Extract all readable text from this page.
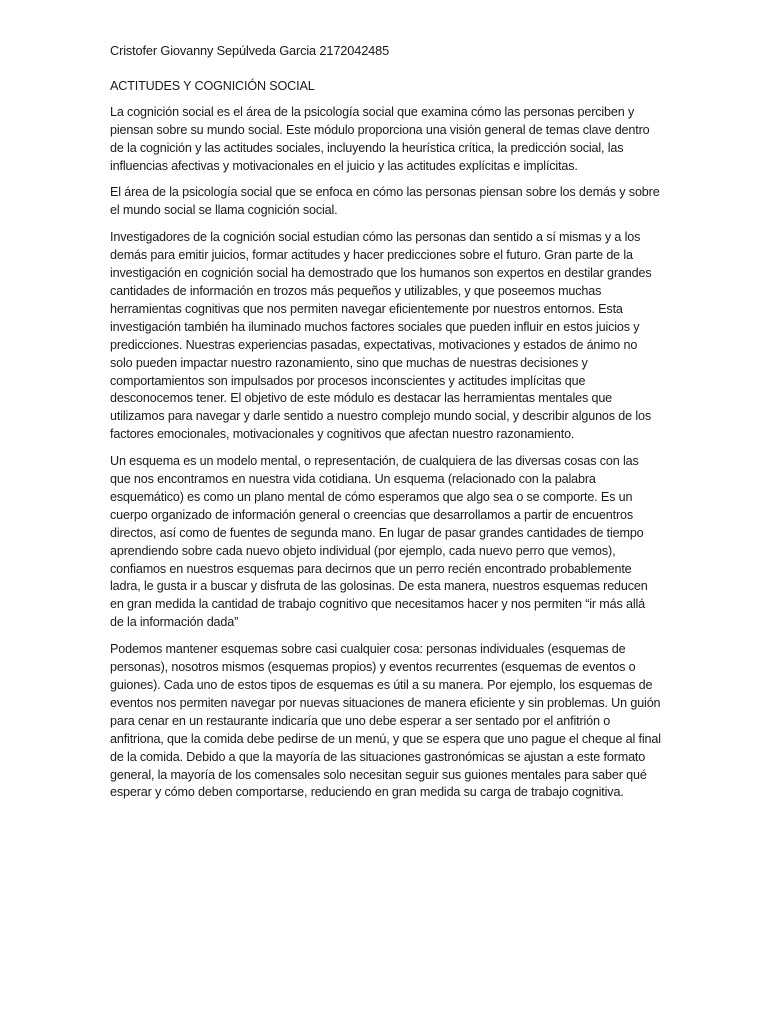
Cristofer Giovanny Sepúlveda Garcia 2172042485

ACTITUDES Y COGNICIÓN SOCIAL

La cognición social es el área de la psicología social que examina cómo las personas perciben y piensan sobre su mundo social. Este módulo proporciona una visión general de temas clave dentro de la cognición y las actitudes sociales, incluyendo la heurística crítica, la predicción social, las influencias afectivas y motivacionales en el juicio y las actitudes explícitas e implícitas.

El área de la psicología social que se enfoca en cómo las personas piensan sobre los demás y sobre el mundo social se llama cognición social.

Investigadores de la cognición social estudian cómo las personas dan sentido a sí mismas y a los demás para emitir juicios, formar actitudes y hacer predicciones sobre el futuro. Gran parte de la investigación en cognición social ha demostrado que los humanos son expertos en destilar grandes cantidades de información en trozos más pequeños y utilizables, y que poseemos muchas herramientas cognitivas que nos permiten navegar eficientemente por nuestros entornos. Esta investigación también ha iluminado muchos factores sociales que pueden influir en estos juicios y predicciones. Nuestras experiencias pasadas, expectativas, motivaciones y estados de ánimo no solo pueden impactar nuestro razonamiento, sino que muchas de nuestras decisiones y comportamientos son impulsados por procesos inconscientes y actitudes implícitas que desconocemos tener. El objetivo de este módulo es destacar las herramientas mentales que utilizamos para navegar y darle sentido a nuestro complejo mundo social, y describir algunos de los factores emocionales, motivacionales y cognitivos que afectan nuestro razonamiento.

Un esquema es un modelo mental, o representación, de cualquiera de las diversas cosas con las que nos encontramos en nuestra vida cotidiana. Un esquema (relacionado con la palabra esquemático) es como un plano mental de cómo esperamos que algo sea o se comporte. Es un cuerpo organizado de información general o creencias que desarrollamos a partir de encuentros directos, así como de fuentes de segunda mano. En lugar de pasar grandes cantidades de tiempo aprendiendo sobre cada nuevo objeto individual (por ejemplo, cada nuevo perro que vemos), confiamos en nuestros esquemas para decirnos que un perro recién encontrado probablemente ladra, le gusta ir a buscar y disfruta de las golosinas. De esta manera, nuestros esquemas reducen en gran medida la cantidad de trabajo cognitivo que necesitamos hacer y nos permiten “ir más allá de la información dada”

Podemos mantener esquemas sobre casi cualquier cosa: personas individuales (esquemas de personas), nosotros mismos (esquemas propios) y eventos recurrentes (esquemas de eventos o guiones). Cada uno de estos tipos de esquemas es útil a su manera. Por ejemplo, los esquemas de eventos nos permiten navegar por nuevas situaciones de manera eficiente y sin problemas. Un guión para cenar en un restaurante indicaría que uno debe esperar a ser sentado por el anfitrión o anfitriona, que la comida debe pedirse de un menú, y que se espera que uno pague el cheque al final de la comida. Debido a que la mayoría de las situaciones gastronómicas se ajustan a este formato general, la mayoría de los comensales solo necesitan seguir sus guiones mentales para saber qué esperar y cómo deben comportarse, reduciendo en gran medida su carga de trabajo cognitiva.
